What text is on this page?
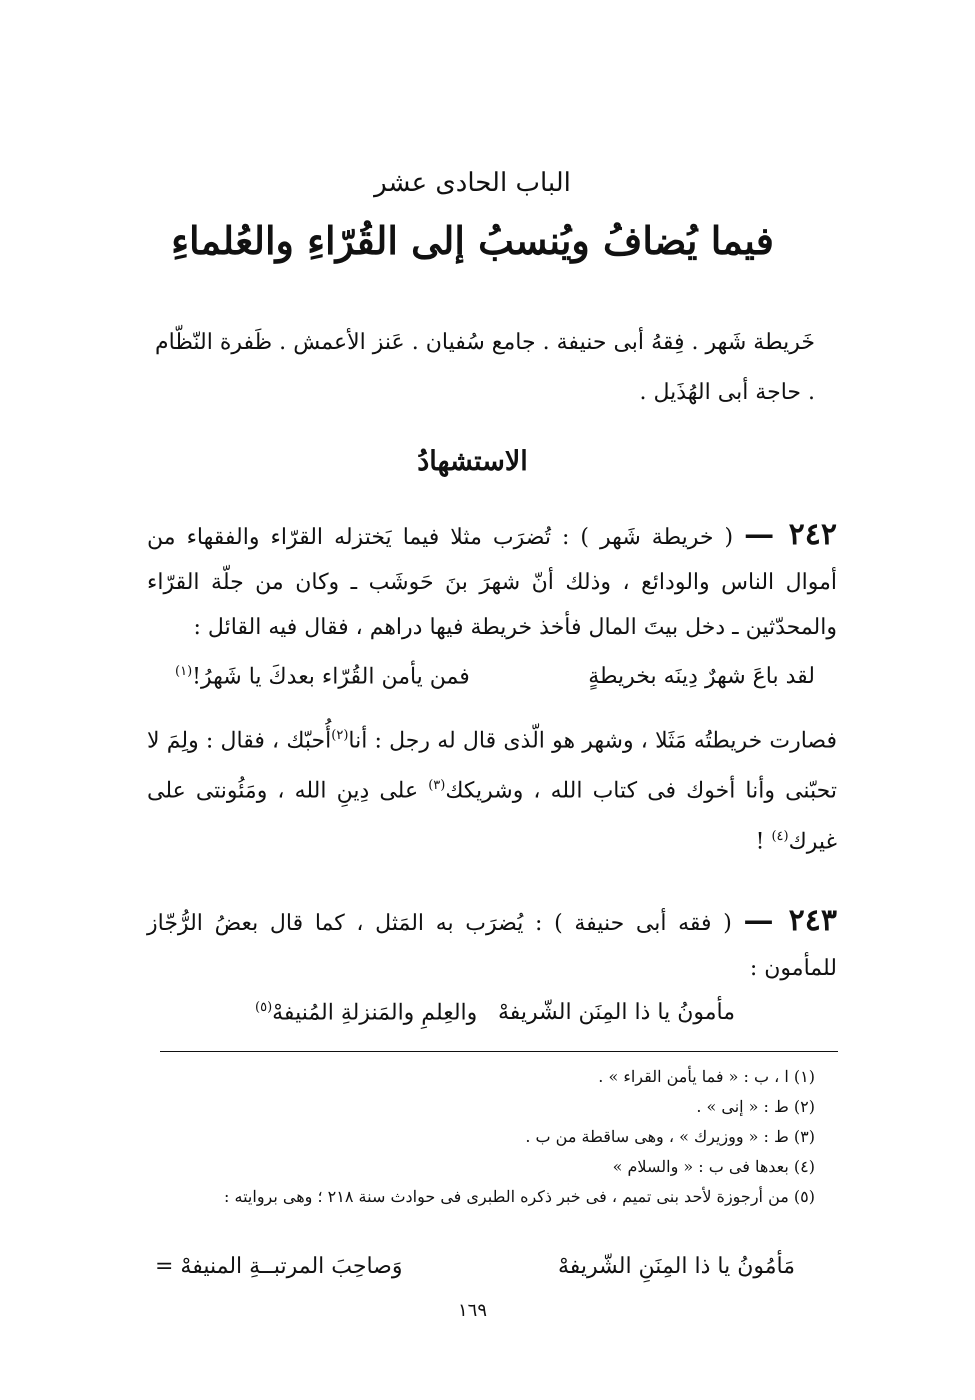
الباب الحادى عشر
فيما يُضافُ ويُنسبُ إلى القُرّاءِ والعُلماءِ
خَريطة شَهر . فِقهُ أبى حنيفة . جامع سُفيان . عَنز الأعمش . ظَفرة النّظّام . حاجة أبى الهُذَيل .
الاستشهادُ
٢٤٢ — ( خريطة شَهر ) : تُضرَب مثلا فيما يَختزله القرّاء والفقهاء من أموال الناس والودائع ، وذلك أنّ شهرَ بنَ حَوشَب ـ وكان من جلّة القرّاء والمحدّثين ـ دخل بيتَ المال فأخذ خريطة فيها دراهم ، فقال فيه القائل :
لقد باعَ شهرٌ دِينَه بخريطةٍ
فمن يأمن القُرّاء بعدكَ يا شَهرُ!$^{(١)}$
فصارت خريطتُه مَثَلا ، وشهر هو الّذى قال له رجل : أنا$^{(٢)}$أُحبّك ، فقال : ولِمَ لا تحبّنى وأنا أخوك فى كتاب الله ، وشريكك$^{(٣)}$ على دِينِ الله ، ومَئُونتى على غيرك$^{(٤)}$ !
٢٤٣ — ( فقه أبى حنيفة ) : يُضرَب به المَثل ، كما قال بعضُ الرُّجّاز للمأمون :
مأمونُ يا ذا المِنَن الشّريفهْ
والعِلمِ والمَنزلةِ المُنيفهْ$^{(٥)}$
(١) ا ، ب : « فما يأمن القراء » .
(٢) ط : « إنى » .
(٣) ط : « ووزيرك » ، وهى ساقطة من ب .
(٤) بعدها فى ب : « والسلام »
(٥) من أرجوزة لأحد بنى تميم ، فى خبر ذكره الطبرى فى حوادث سنة ٢١٨ ؛ وهى بروايته :
مَأمُونُ يا ذا المِنَنِ الشّريفهْ
وَصاحِبَ المرتبــةِ المنيفهْ =
١٦٩
